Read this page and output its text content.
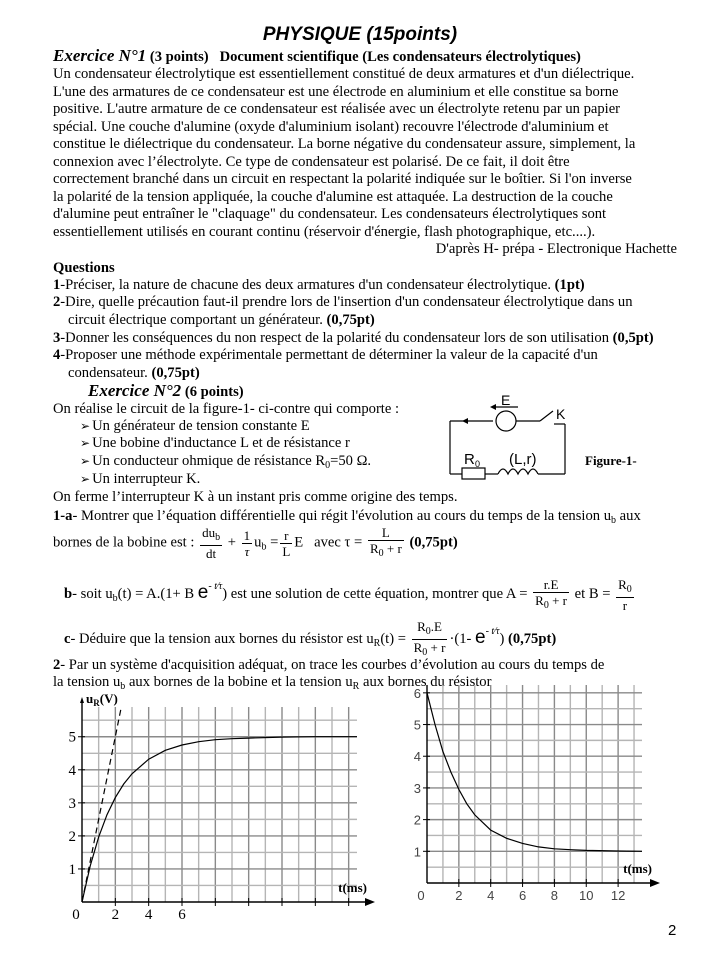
PHYSIQUE (15points)
Exercice N°1 (3 points) Document scientifique (Les condensateurs électrolytiques)
Un condensateur électrolytique est essentiellement constitué de deux armatures et d'un diélectrique.
L'une des armatures de ce condensateur est une électrode en aluminium et elle constitue sa borne
positive. L'autre armature de ce condensateur est réalisée avec un électrolyte retenu par un papier
spécial. Une couche d'alumine (oxyde d'aluminium isolant) recouvre l'électrode d'aluminium et
constitue le diélectrique du condensateur. La borne négative du condensateur assure, simplement, la
connexion avec l’électrolyte. Ce type de condensateur est polarisé. De ce fait, il doit être
correctement branché dans un circuit en respectant la polarité indiquée sur le boîtier. Si l'on inverse
la polarité de la tension appliquée, la couche d'alumine est attaquée. La destruction de la couche
d'alumine peut entraîner le "claquage" du condensateur. Les condensateurs électrolytiques sont
essentiellement utilisés en courant continu (réservoir d'énergie, flash photographique, etc....).
D'après H- prépa - Electronique Hachette
Questions
1-Préciser, la nature de chacune des deux armatures d'un condensateur électrolytique. (1pt)
2-Dire, quelle précaution faut-il prendre lors de l'insertion d'un condensateur électrolytique dans un
circuit électrique comportant un générateur. (0,75pt)
3-Donner les conséquences du non respect de la polarité du condensateur lors de son utilisation (0,5pt)
4-Proposer une méthode expérimentale permettant de déterminer la valeur de la capacité d'un
condensateur. (0,75pt)
Exercice N°2 (6 points)
On réalise le circuit de la figure-1- ci-contre qui comporte :
➢ Un générateur de tension constante E
➢ Une bobine d'inductance L et de résistance r
➢ Un conducteur ohmique de résistance $R_0=50$ Ω.
➢ Un interrupteur K.
On ferme l’interrupteur K à un instant pris comme origine des temps.
E
K
R 0 (L,r)	Figure-1-
1-a- Montrer que l’équation différentielle qui régit l'évolution au cours du temps de la tension $u_b$ aux
bornes de la bobine est : $\frac{du_b}{dt} + \frac{1}{\tau} u_b = \frac{r}{L}$ E avec $\tau = \frac{L}{R_0 + r} (0,75pt)$
b- soit $u_b(t) = A.(1+ B$ $e^{- t⁄\tau}$) est une solution de cette équation, montrer que $A = \frac{r.E}{R_0 + r}$ et $B = \frac{R_0}{r}$
c- Déduire que la tension aux bornes du résistor est $u_R(t) = \frac{R_0.E}{R_0 + r} \cdot(1-$ $e^{- t⁄\tau}$) (0,75pt)
2- Par un système d'acquisition adéquat, on trace les courbes d’évolution au cours du temps de
la tension $u_b$ aux bornes de la bobine et la tension $u_R$ aux bornes du résistor
0 2 4 6
1
2
3
4
5
$u_R(V)$
t(ms)
0 2 4 6 8 10 12
1
2
3
4
5
6
t(ms)
2
